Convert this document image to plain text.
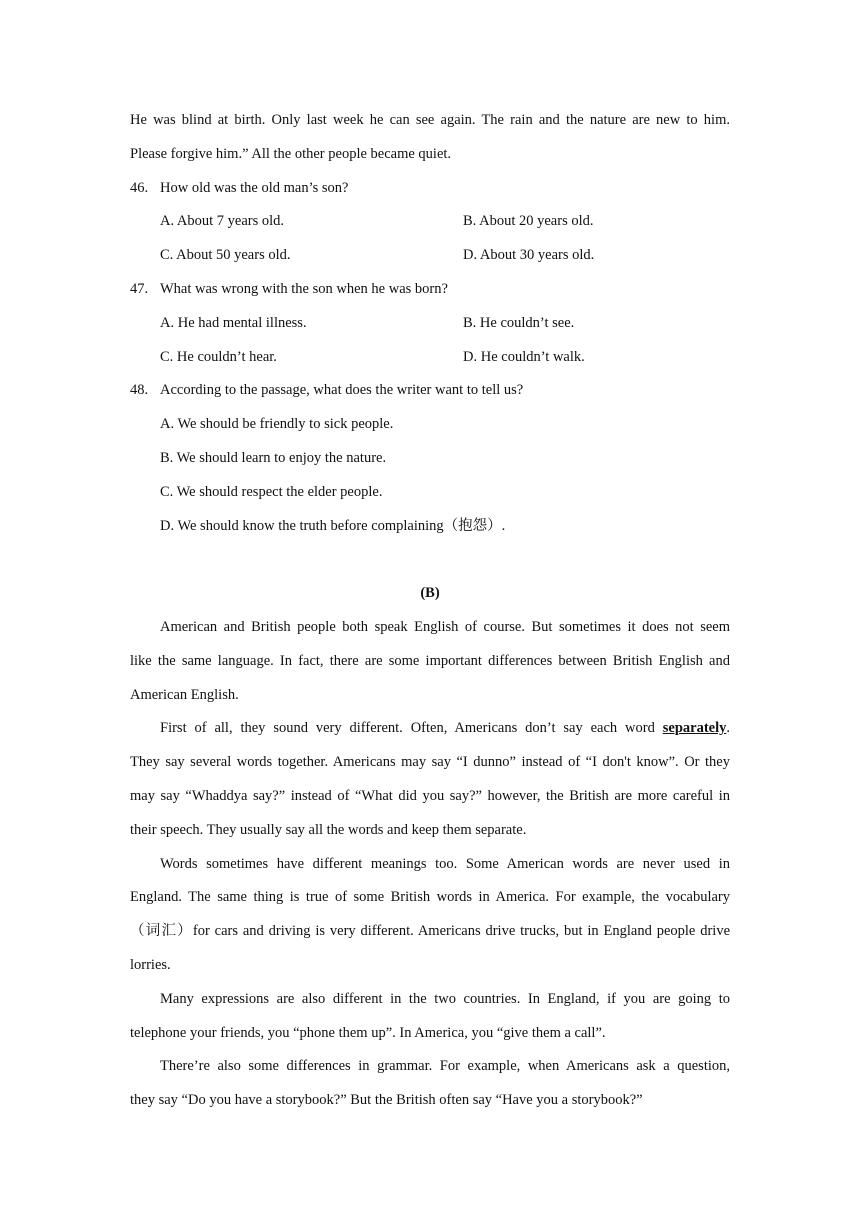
He was blind at birth. Only last week he can see again. The rain and the nature are new to him.

Please forgive him.” All the other people became quiet.

46. How old was the old man’s son?
A. About 7 years old.	B. About 20 years old.
C. About 50 years old.	D. About 30 years old.
47. What was wrong with the son when he was born?
A. He had mental illness.	B. He couldn’t see.
C. He couldn’t hear.	D. He couldn’t walk.
48. According to the passage, what does the writer want to tell us?
A. We should be friendly to sick people.
B. We should learn to enjoy the nature.
C. We should respect the elder people.
D. We should know the truth before complaining（抱怨）.
(B)

American and British people both speak English of course. But sometimes it does not seem

like the same language. In fact, there are some important differences between British English and

American English.

First of all, they sound very different. Often, Americans don’t say each word separately.

They say several words together. Americans may say “I dunno” instead of “I don't know”. Or they

may say “Whaddya say?” instead of “What did you say?” however, the British are more careful in

their speech. They usually say all the words and keep them separate.

Words sometimes have different meanings too. Some American words are never used in

England. The same thing is true of some British words in America. For example, the vocabulary

（词汇）for cars and driving is very different. Americans drive trucks, but in England people drive

lorries.

Many expressions are also different in the two countries. In England, if you are going to

telephone your friends, you “phone them up”. In America, you “give them a call”.

There’re also some differences in grammar. For example, when Americans ask a question,

they say “Do you have a storybook?” But the British often say “Have you a storybook?”
